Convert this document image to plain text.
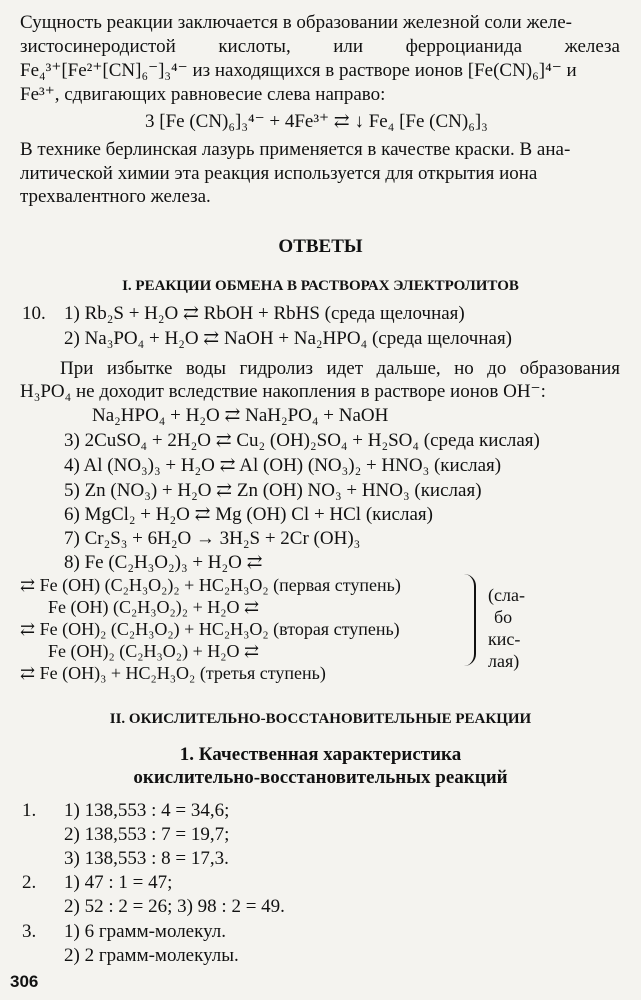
Сущность реакции заключается в образовании железной соли желе-
зистосинеродистой кислоты, или ферроцианида железа
Fe₄³⁺[Fe²⁺[CN]₆⁻]₃⁴⁻ из находящихся в растворе ионов [Fe(CN)₆]⁴⁻ и
Fe³⁺, сдвигающих равновесие слева направо:
3 [Fe (CN)₆]₃⁴⁻ + 4Fe³⁺ ⇄ ↓ Fe₄ [Fe (CN)₆]₃
В технике берлинская лазурь применяется в качестве краски. В ана-
литической химии эта реакция используется для открытия иона
трехвалентного железа.
ОТВЕТЫ
I. РЕАКЦИИ ОБМЕНА В РАСТВОРАХ ЭЛЕКТРОЛИТОВ
10. 1) Rb₂S + H₂O ⇄ RbOH + RbHS (среда щелочная)
2) Na₃PO₄ + H₂O ⇄ NaOH + Na₂HPO₄ (среда щелочная)
При избытке воды гидролиз идет дальше, но до образования
H₃PO₄ не доходит вследствие накопления в растворе ионов OH⁻:
Na₂HPO₄ + H₂O ⇄ NaH₂PO₄ + NaOH
3) 2CuSO₄ + 2H₂O ⇄ Cu₂ (OH)₂SO₄ + H₂SO₄ (среда кислая)
4) Al (NO₃)₃ + H₂O ⇄ Al (OH) (NO₃)₂ + HNO₃ (кислая)
5) Zn (NO₃) + H₂O ⇄ Zn (OH) NO₃ + HNO₃ (кислая)
6) MgCl₂ + H₂O ⇄ Mg (OH) Cl + HCl (кислая)
7) Cr₂S₃ + 6H₂O → 3H₂S + 2Cr (OH)₃
8) Fe (C₂H₃O₂)₃ + H₂O ⇄
⇄ Fe (OH) (C₂H₃O₂)₂ + HC₂H₃O₂ (первая ступень)
Fe (OH) (C₂H₃O₂)₂ + H₂O ⇄
⇄ Fe (OH)₂ (C₂H₃O₂) + HC₂H₃O₂ (вторая ступень)
Fe (OH)₂ (C₂H₃O₂) + H₂O ⇄
⇄ Fe (OH)₃ + HC₂H₃O₂ (третья ступень)
(сла-
бо
кис-
лая)
II. ОКИСЛИТЕЛЬНО-ВОССТАНОВИТЕЛЬНЫЕ РЕАКЦИИ
1. Качественная характеристика
окислительно-восстановительных реакций
1. 1) 138,553 : 4 = 34,6;
2) 138,553 : 7 = 19,7;
3) 138,553 : 8 = 17,3.
2. 1) 47 : 1 = 47;
2) 52 : 2 = 26; 3) 98 : 2 = 49.
3. 1) 6 грамм-молекул.
2) 2 грамм-молекулы.
306
